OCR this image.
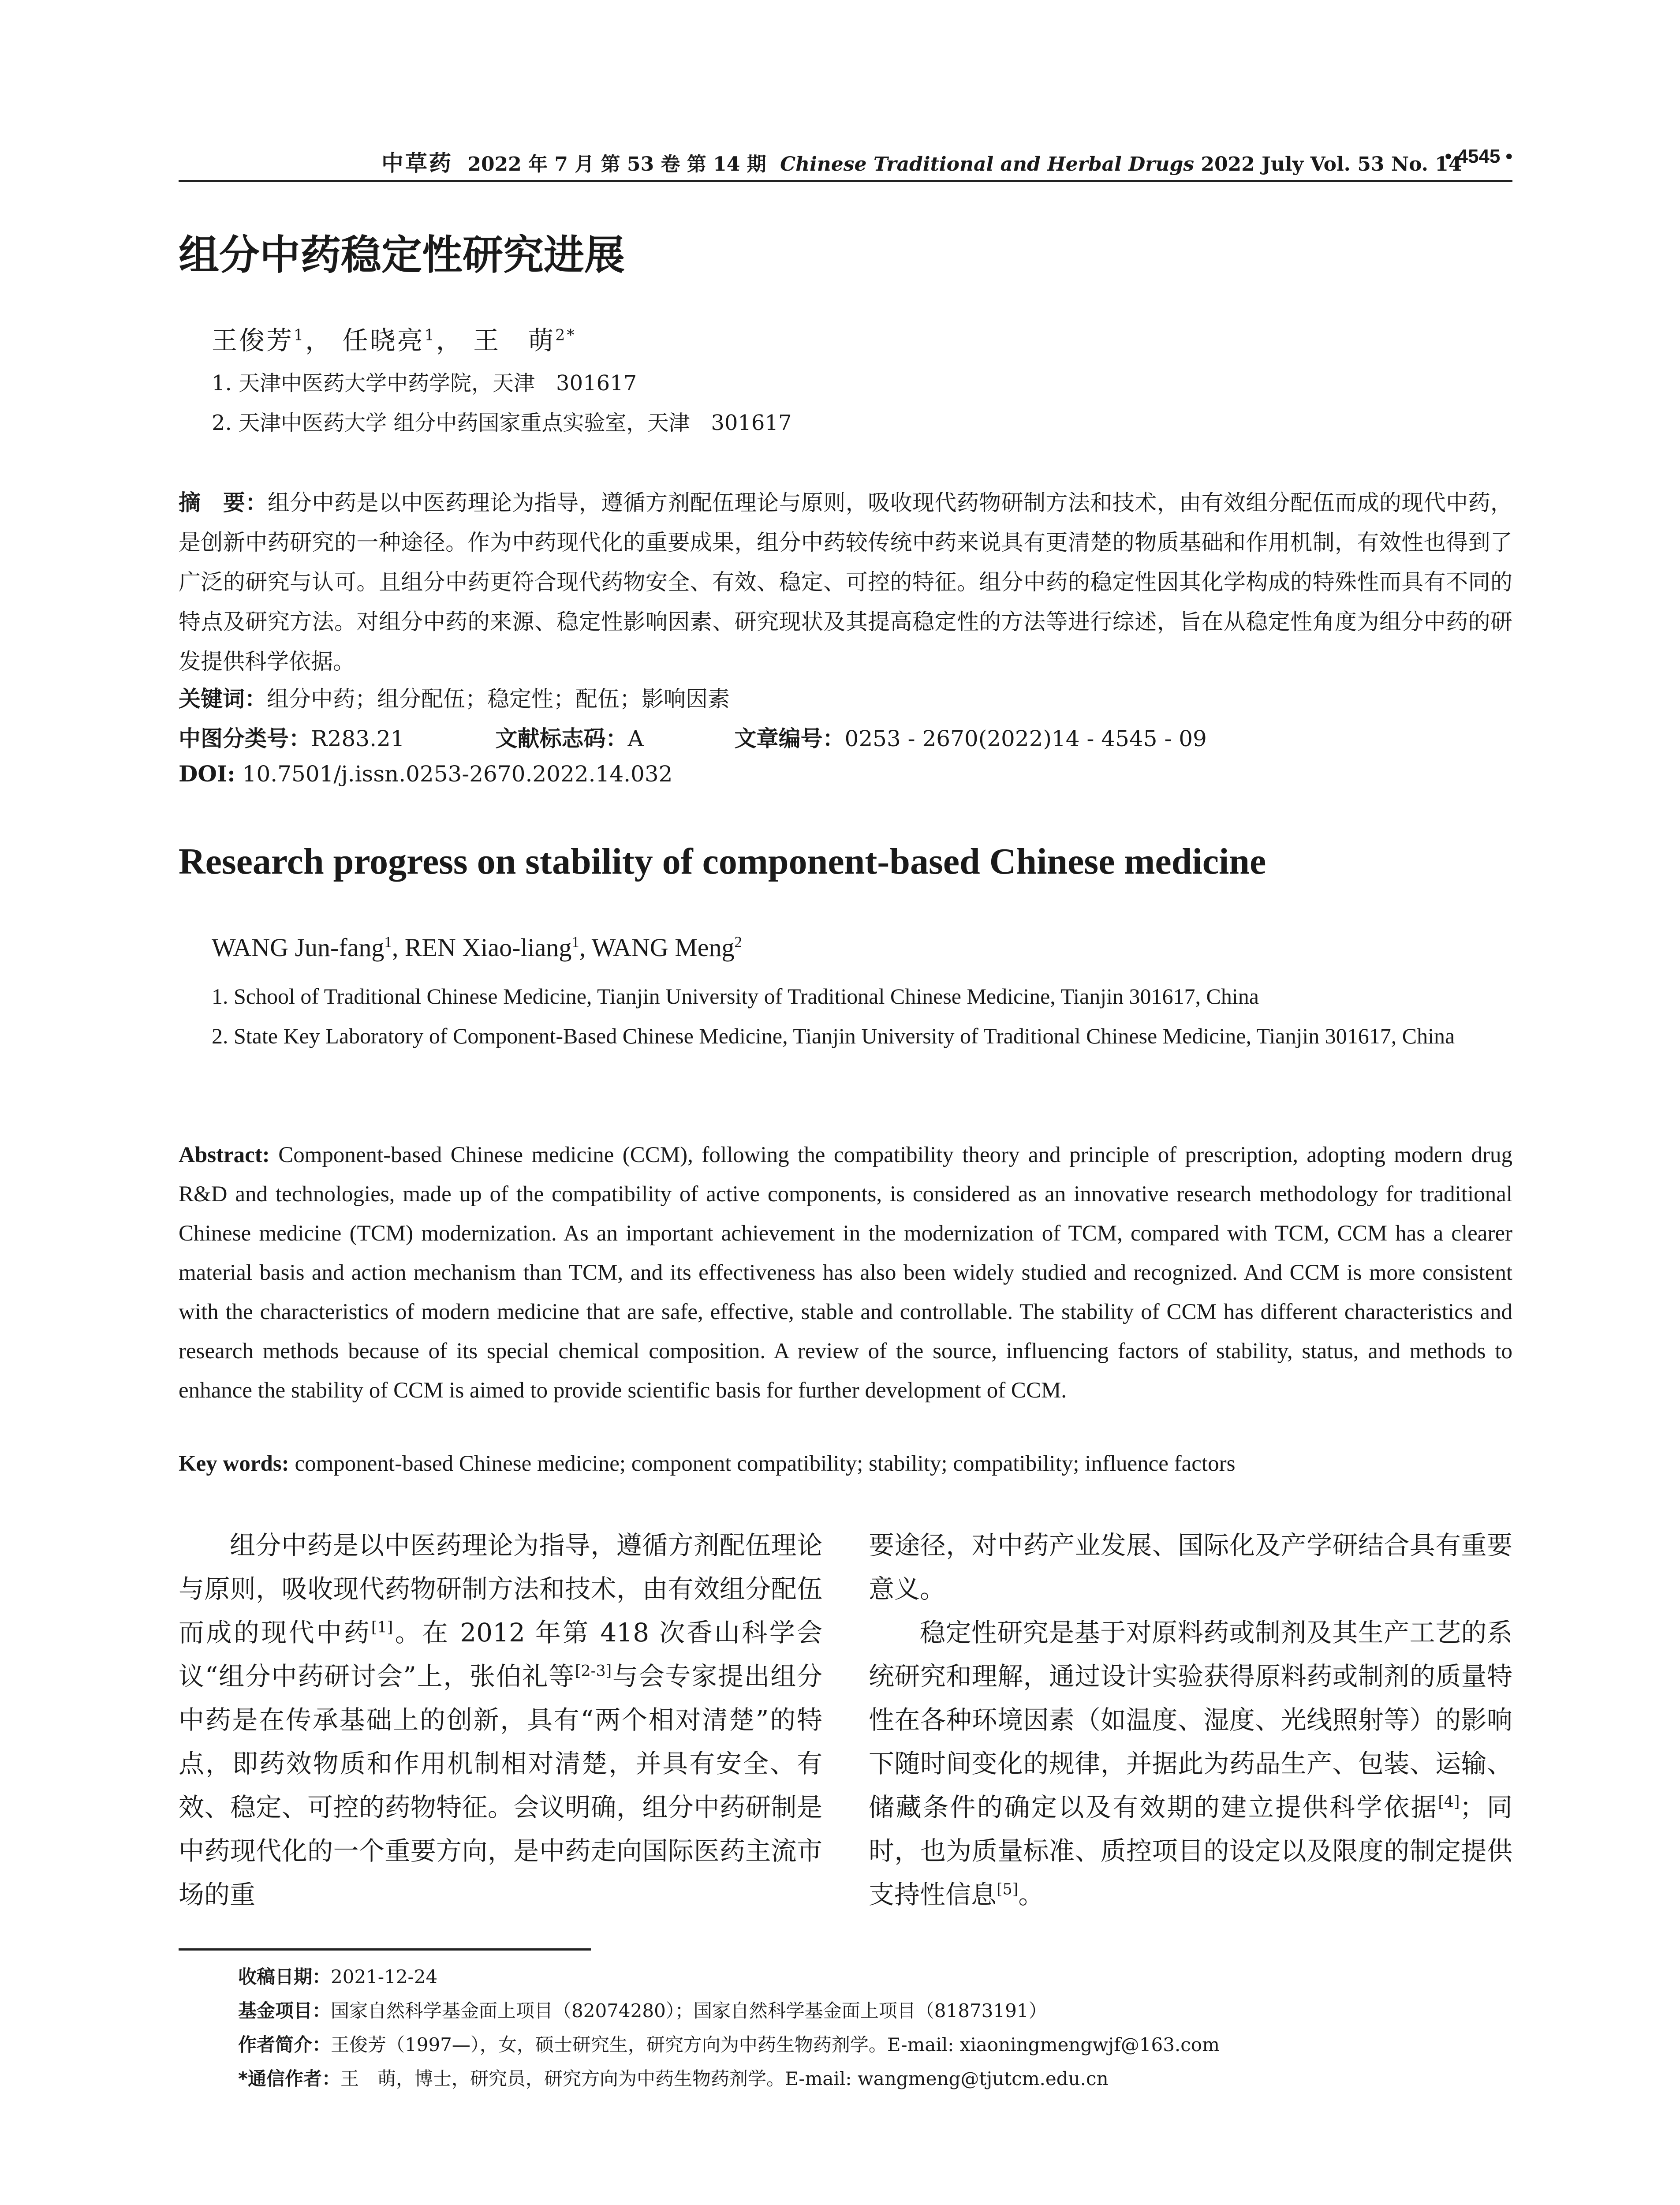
中草药 2022 年 7 月 第 53 卷 第 14 期 Chinese Traditional and Herbal Drugs 2022 July Vol. 53 No. 14
• 4545 •
组分中药稳定性研究进展
王俊芳$^1$， 任晓亮$^1$， 王　萌$^{2*}$
1. 天津中医药大学中药学院，天津　301617
2. 天津中医药大学 组分中药国家重点实验室，天津　301617
摘　要：组分中药是以中医药理论为指导，遵循方剂配伍理论与原则，吸收现代药物研制方法和技术，由有效组分配伍而成的现代中药，是创新中药研究的一种途径。作为中药现代化的重要成果，组分中药较传统中药来说具有更清楚的物质基础和作用机制，有效性也得到了广泛的研究与认可。且组分中药更符合现代药物安全、有效、稳定、可控的特征。组分中药的稳定性因其化学构成的特殊性而具有不同的特点及研究方法。对组分中药的来源、稳定性影响因素、研究现状及其提高稳定性的方法等进行综述，旨在从稳定性角度为组分中药的研发提供科学依据。
关键词：组分中药；组分配伍；稳定性；配伍；影响因素
中图分类号：R283.21	文献标志码：A	文章编号：0253 - 2670(2022)14 - 4545 - 09
DOI: 10.7501/j.issn.0253-2670.2022.14.032
Research progress on stability of component-based Chinese medicine
WANG Jun-fang$^1$, REN Xiao-liang$^1$, WANG Meng$^2$
1. School of Traditional Chinese Medicine, Tianjin University of Traditional Chinese Medicine, Tianjin 301617, China
2. State Key Laboratory of Component-Based Chinese Medicine, Tianjin University of Traditional Chinese Medicine, Tianjin 301617, China
Abstract: Component-based Chinese medicine (CCM), following the compatibility theory and principle of prescription, adopting modern drug R&D and technologies, made up of the compatibility of active components, is considered as an innovative research methodology for traditional Chinese medicine (TCM) modernization. As an important achievement in the modernization of TCM, compared with TCM, CCM has a clearer material basis and action mechanism than TCM, and its effectiveness has also been widely studied and recognized. And CCM is more consistent with the characteristics of modern medicine that are safe, effective, stable and controllable. The stability of CCM has different characteristics and research methods because of its special chemical composition. A review of the source, influencing factors of stability, status, and methods to enhance the stability of CCM is aimed to provide scientific basis for further development of CCM.
Key words: component-based Chinese medicine; component compatibility; stability; compatibility; influence factors

组分中药是以中医药理论为指导，遵循方剂配伍理论与原则，吸收现代药物研制方法和技术，由有效组分配伍而成的现代中药[1]。在 2012 年第 418 次香山科学会议“组分中药研讨会”上，张伯礼等[2-3]与会专家提出组分中药是在传承基础上的创新，具有“两个相对清楚”的特点，即药效物质和作用机制相对清楚，并具有安全、有效、稳定、可控的药物特征。会议明确，组分中药研制是中药现代化的一个重要方向，是中药走向国际医药主流市场的重

要途径，对中药产业发展、国际化及产学研结合具有重要意义。

稳定性研究是基于对原料药或制剂及其生产工艺的系统研究和理解，通过设计实验获得原料药或制剂的质量特性在各种环境因素（如温度、湿度、光线照射等）的影响下随时间变化的规律，并据此为药品生产、包装、运输、储藏条件的确定以及有效期的建立提供科学依据[4]；同时，也为质量标准、质控项目的设定以及限度的制定提供支持性信息[5]。

收稿日期：2021-12-24
基金项目：国家自然科学基金面上项目（82074280）；国家自然科学基金面上项目（81873191）
作者简介：王俊芳（1997—），女，硕士研究生，研究方向为中药生物药剂学。E-mail: xiaoningmengwjf@163.com
*通信作者：王　萌，博士，研究员，研究方向为中药生物药剂学。E-mail: wangmeng@tjutcm.edu.cn
